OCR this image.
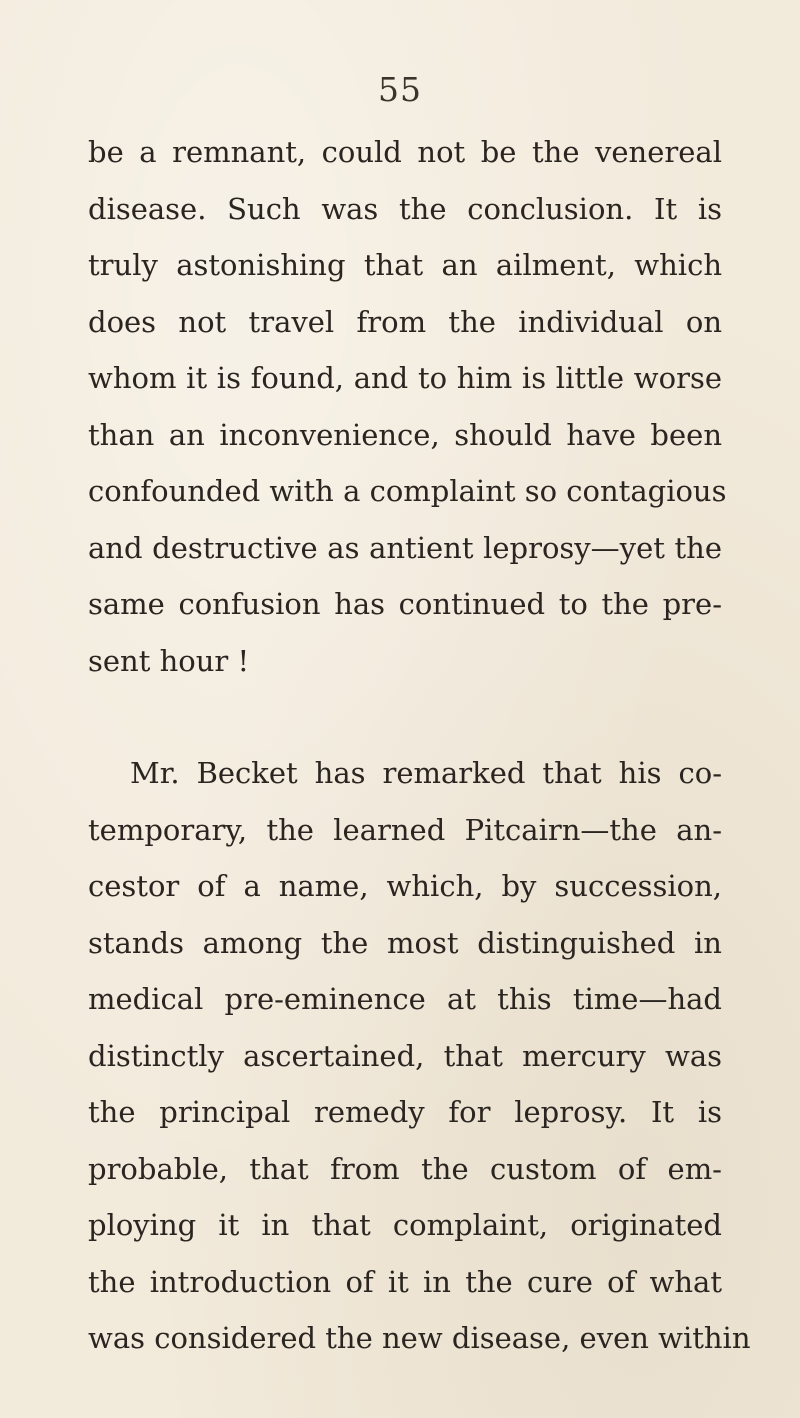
55

be a remnant, could not be the venereal
disease. Such was the conclusion. It is
truly astonishing that an ailment, which
does not travel from the individual on
whom it is found, and to him is little worse
than an inconvenience, should have been
confounded with a complaint so contagious
and destructive as antient leprosy—yet the
same confusion has continued to the pre-
sent hour !

Mr. Becket has remarked that his co-
temporary, the learned Pitcairn—the an-
cestor of a name, which, by succession,
stands among the most distinguished in
medical pre-eminence at this time—had
distinctly ascertained, that mercury was
the principal remedy for leprosy. It is
probable, that from the custom of em-
ploying it in that complaint, originated
the introduction of it in the cure of what
was considered the new disease, even within
